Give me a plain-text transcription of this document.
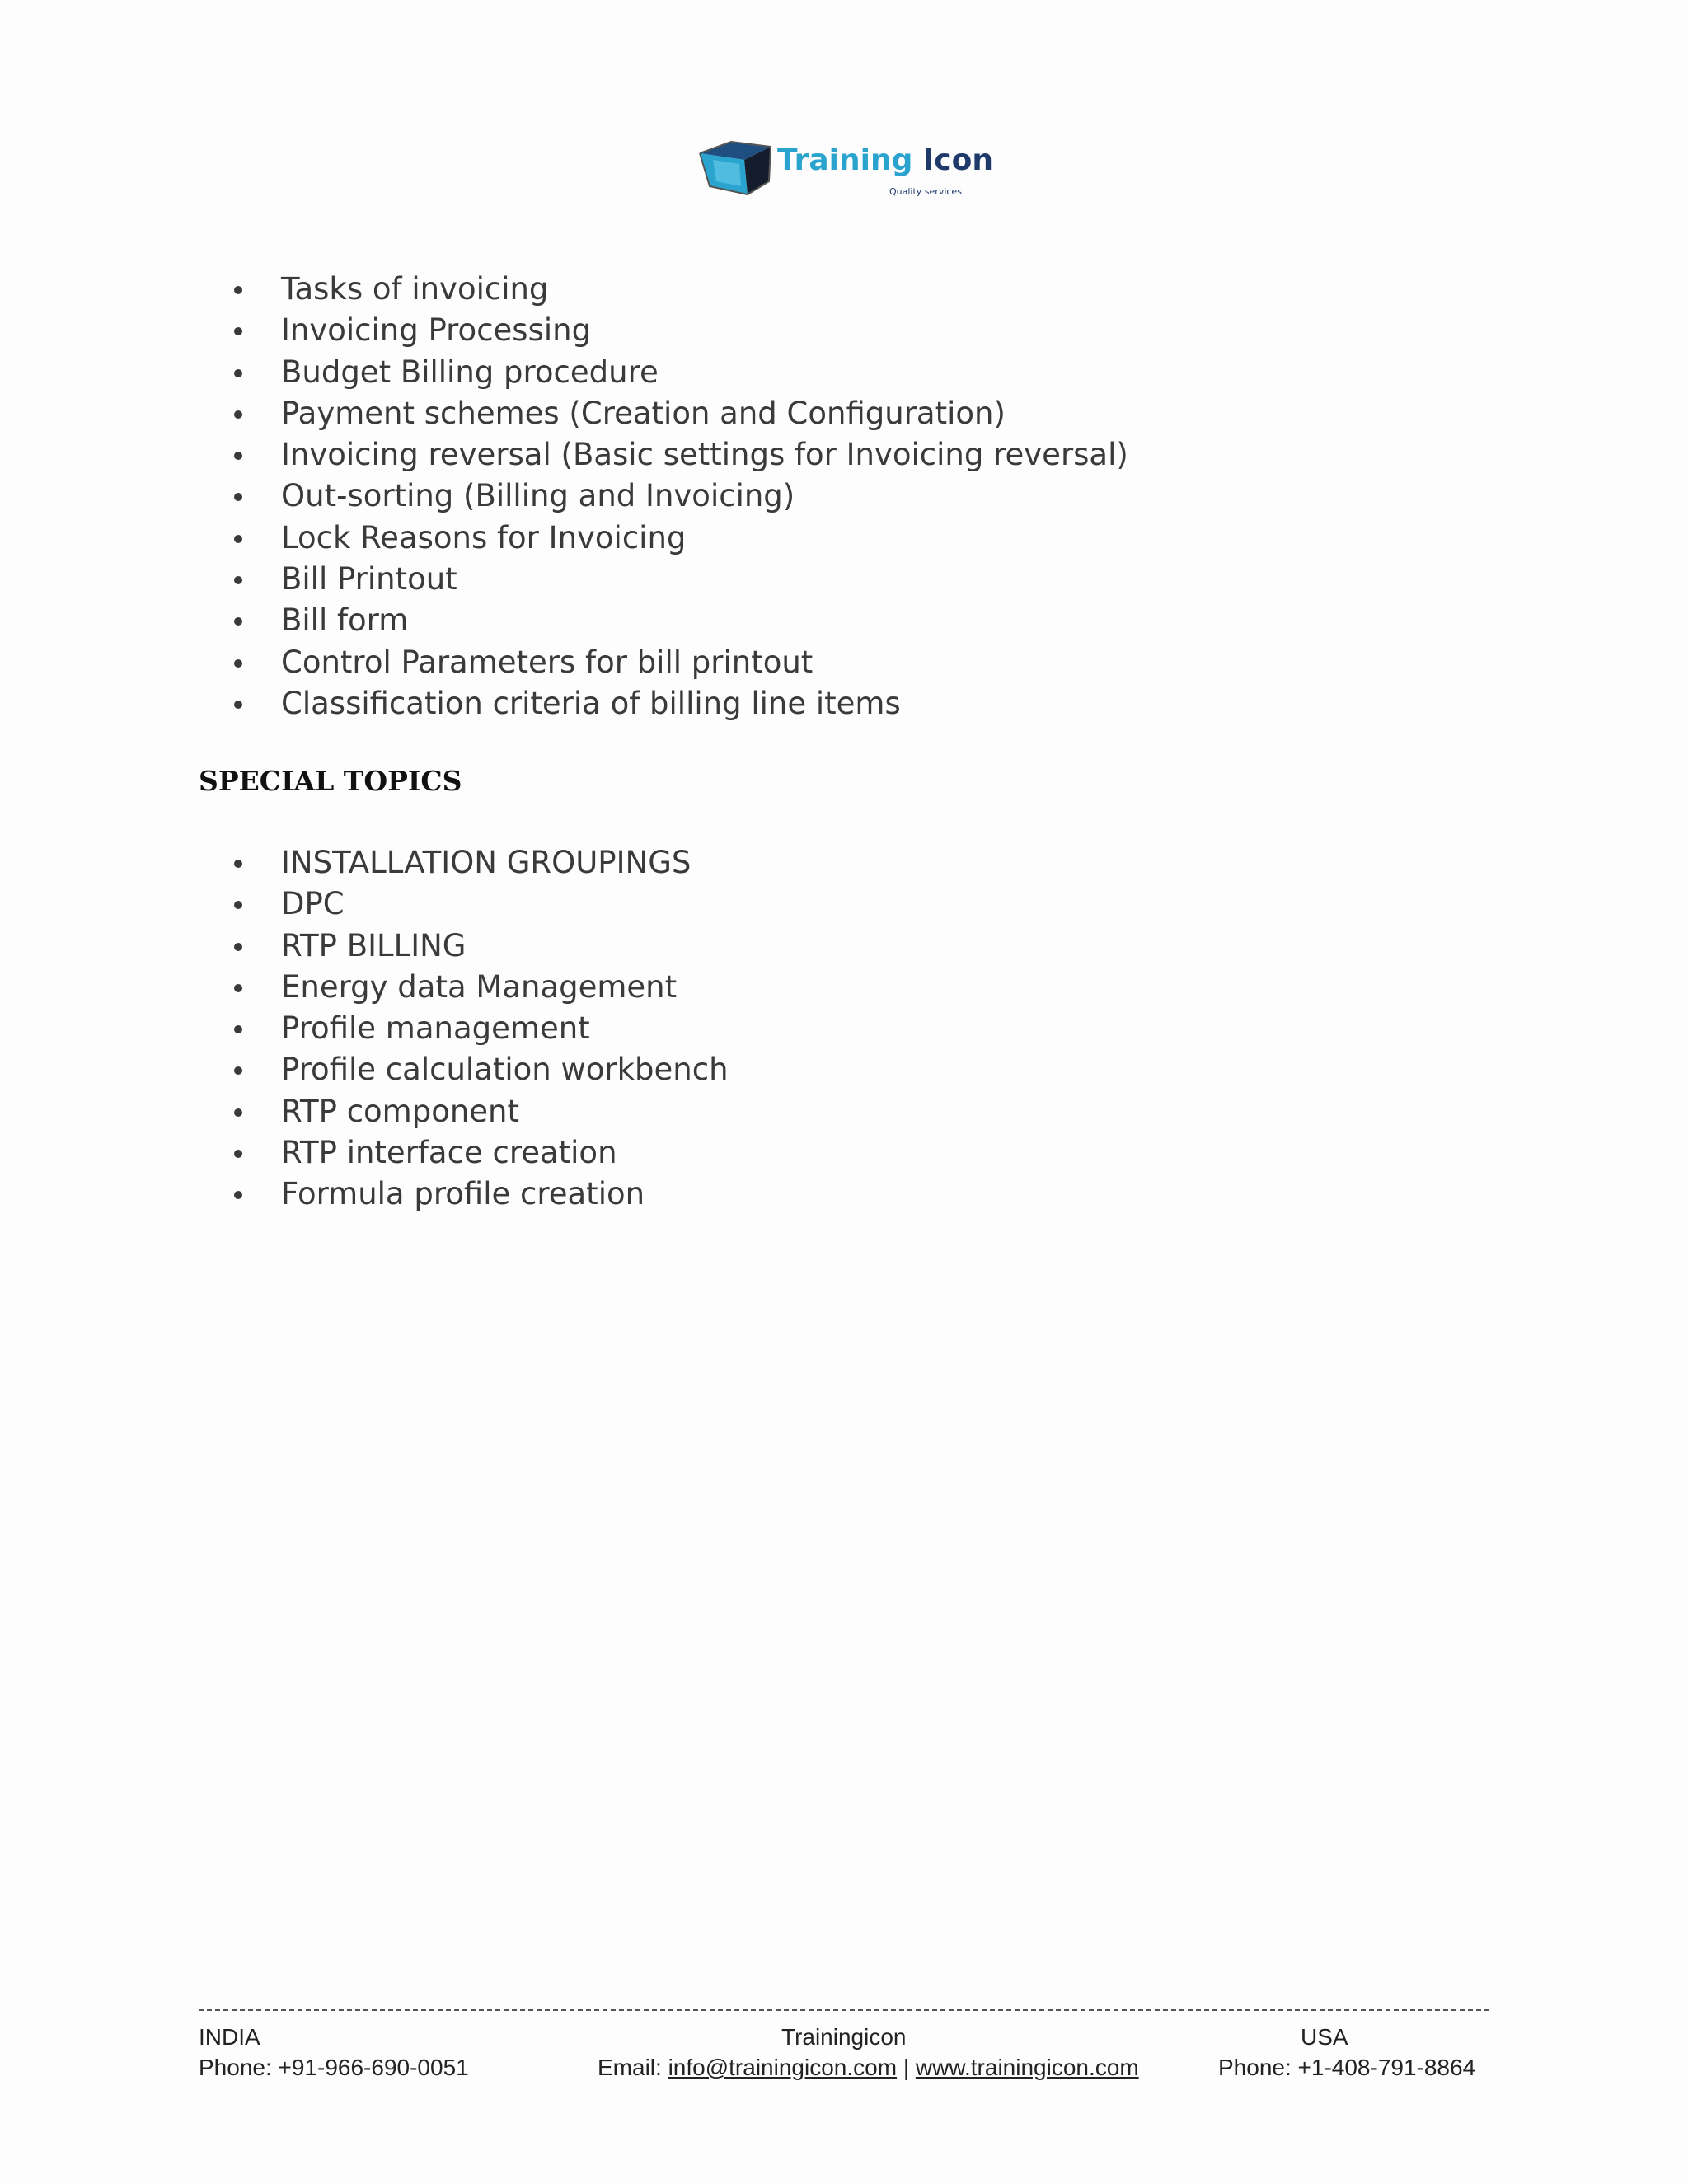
Training Icon
Quality services
Tasks of invoicing
Invoicing Processing
Budget Billing procedure
Payment schemes (Creation and Configuration)
Invoicing reversal (Basic settings for Invoicing reversal)
Out-sorting (Billing and Invoicing)
Lock Reasons for Invoicing
Bill Printout
Bill form
Control Parameters for bill printout
Classification criteria of billing line items
SPECIAL TOPICS
INSTALLATION GROUPINGS
DPC
RTP BILLING
Energy data Management
Profile management
Profile calculation workbench
RTP component
RTP interface creation
Formula profile creation
INDIA
Phone: +91-966-690-0051
Trainingicon
Email: info@trainingicon.com | www.trainingicon.com
USA
Phone: +1-408-791-8864
